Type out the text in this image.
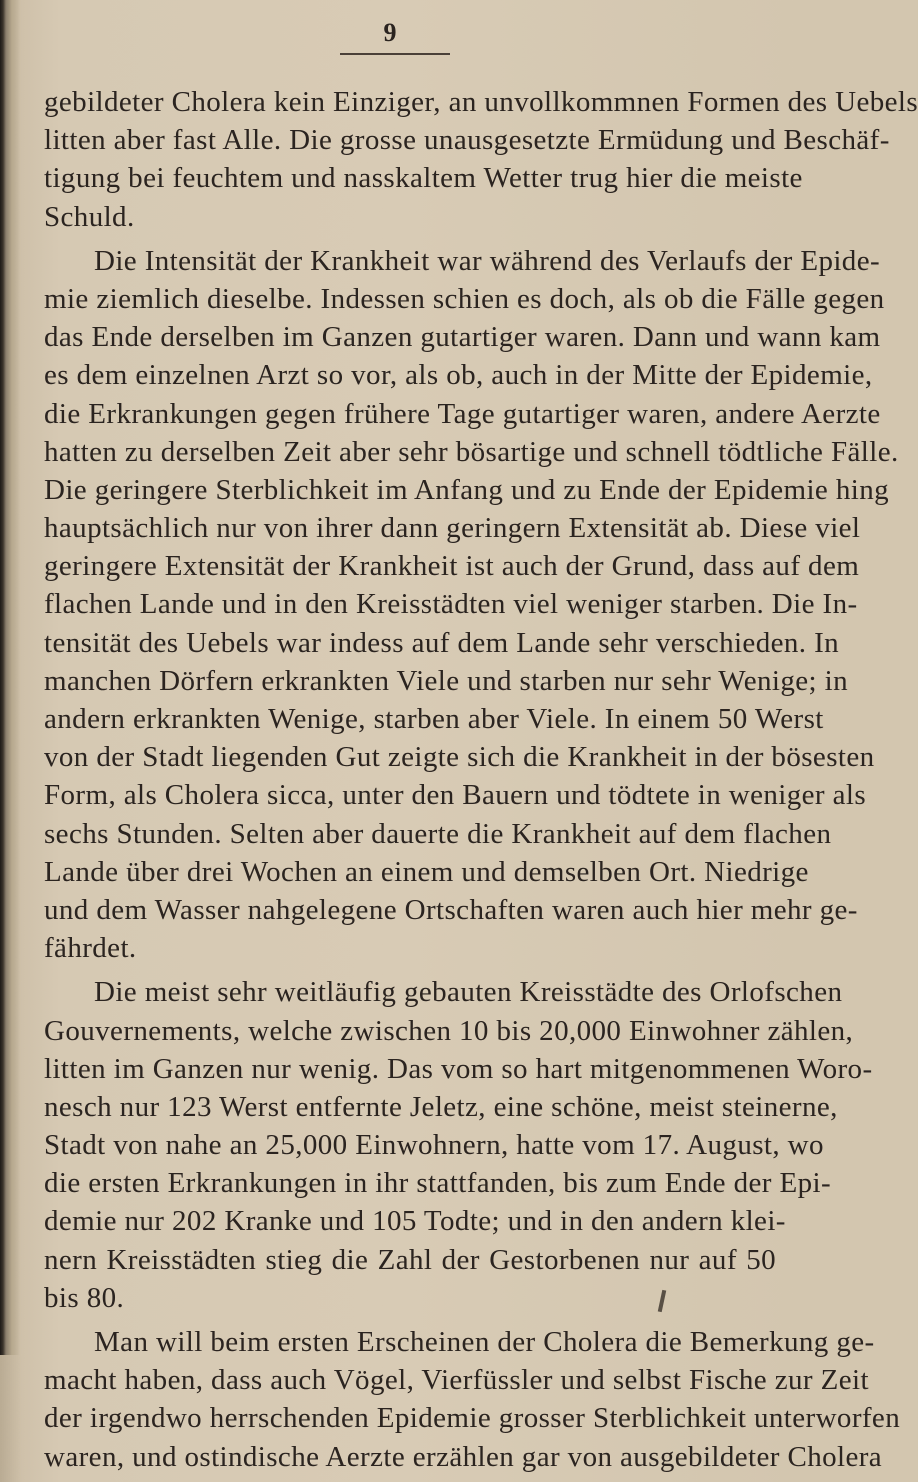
9
gebildeter Cholera kein Einziger, an unvollkommnen Formen des Uebels
litten aber fast Alle. Die grosse unausgesetzte Ermüdung und Beschäf-
tigung bei feuchtem und nasskaltem Wetter trug hier die meiste
Schuld.
Die Intensität der Krankheit war während des Verlaufs der Epide-
mie ziemlich dieselbe. Indessen schien es doch, als ob die Fälle gegen
das Ende derselben im Ganzen gutartiger waren. Dann und wann kam
es dem einzelnen Arzt so vor, als ob, auch in der Mitte der Epidemie,
die Erkrankungen gegen frühere Tage gutartiger waren, andere Aerzte
hatten zu derselben Zeit aber sehr bösartige und schnell tödtliche Fälle.
Die geringere Sterblichkeit im Anfang und zu Ende der Epidemie hing
hauptsächlich nur von ihrer dann geringern Extensität ab. Diese viel
geringere Extensität der Krankheit ist auch der Grund, dass auf dem
flachen Lande und in den Kreisstädten viel weniger starben. Die In-
tensität des Uebels war indess auf dem Lande sehr verschieden. In
manchen Dörfern erkrankten Viele und starben nur sehr Wenige; in
andern erkrankten Wenige, starben aber Viele. In einem 50 Werst
von der Stadt liegenden Gut zeigte sich die Krankheit in der bösesten
Form, als Cholera sicca, unter den Bauern und tödtete in weniger als
sechs Stunden. Selten aber dauerte die Krankheit auf dem flachen
Lande über drei Wochen an einem und demselben Ort. Niedrige
und dem Wasser nahgelegene Ortschaften waren auch hier mehr ge-
fährdet.
Die meist sehr weitläufig gebauten Kreisstädte des Orlofschen
Gouvernements, welche zwischen 10 bis 20,000 Einwohner zählen,
litten im Ganzen nur wenig. Das vom so hart mitgenommenen Woro-
nesch nur 123 Werst entfernte Jeletz, eine schöne, meist steinerne,
Stadt von nahe an 25,000 Einwohnern, hatte vom 17. August, wo
die ersten Erkrankungen in ihr stattfanden, bis zum Ende der Epi-
demie nur 202 Kranke und 105 Todte; und in den andern klei-
nern Kreisstädten stieg die Zahl der Gestorbenen nur auf 50
bis 80.
Man will beim ersten Erscheinen der Cholera die Bemerkung ge-
macht haben, dass auch Vögel, Vierfüssler und selbst Fische zur Zeit
der irgendwo herrschenden Epidemie grosser Sterblichkeit unterworfen
waren, und ostindische Aerzte erzählen gar von ausgebildeter Cholera
